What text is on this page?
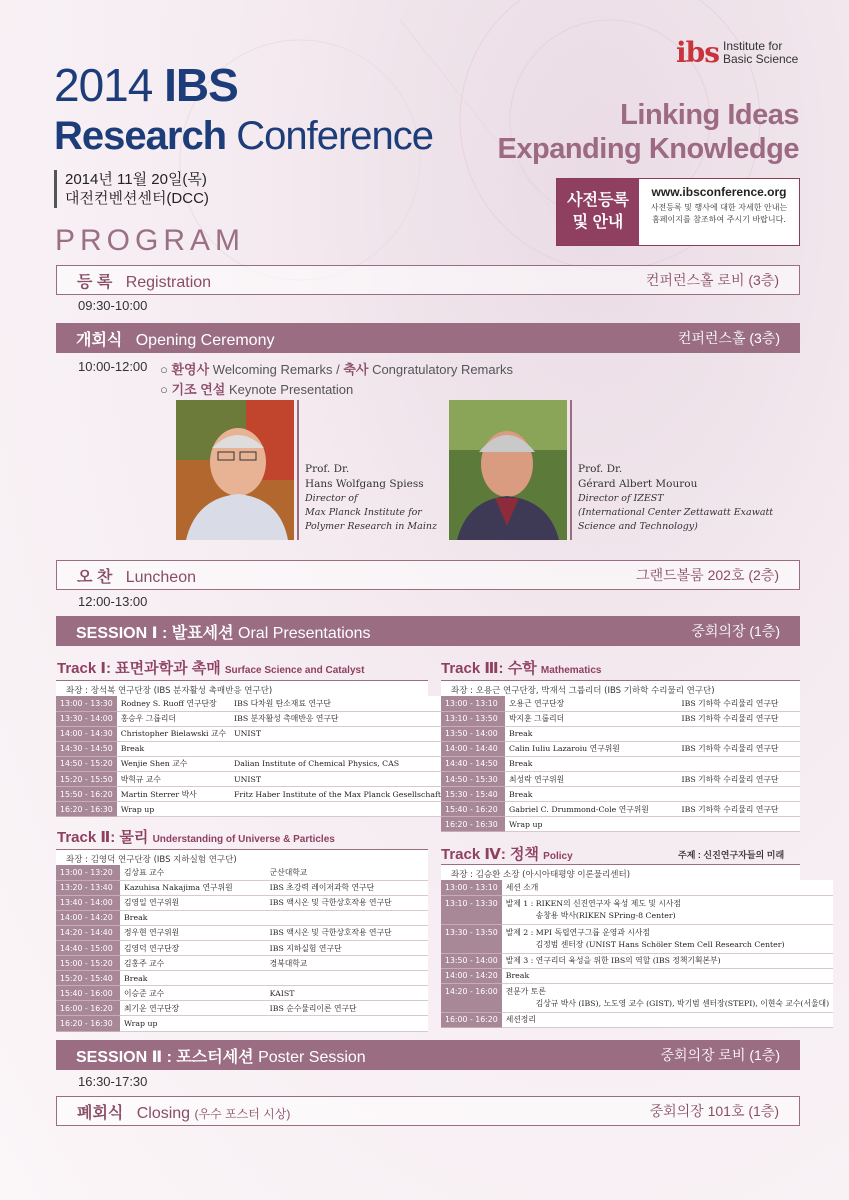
2014 IBS
Research Conference
2014년 11월 20일(목)
대전컨벤션센터(DCC)
PROGRAM
ibs Institute for
Basic Science
Linking Ideas
Expanding Knowledge
사전등록
및 안내
www.ibsconference.org
사전등록 및 행사에 대한 자세한 안내는
홈페이지를 참조하여 주시기 바랍니다.
등 록 Registration	컨퍼런스홀 로비 (3층)
09:30-10:00
개회식 Opening Ceremony	컨퍼런스홀 (3층)
10:00-12:00 ○ 환영사 Welcoming Remarks / 축사 Congratulatory Remarks
○ 기조 연설 Keynote Presentation
Prof. Dr.
Hans Wolfgang Spiess
Director of
Max Planck Institute for
Polymer Research in Mainz
Prof. Dr.
Gérard Albert Mourou
Director of IZEST
(International Center Zettawatt Exawatt
Science and Technology)
오 찬 Luncheon	그랜드볼룸 202호 (2층)
12:00-13:00
SESSION Ⅰ : 발표세션 Oral Presentations	중회의장 (1층)
Track Ⅰ: 표면과학과 촉매 Surface Science and Catalyst
좌장 : 장석복 연구단장 (IBS 분자활성 촉매반응 연구단)
13:00 - 13:30	Rodney S. Ruoff 연구단장	IBS 다차원 탄소재료 연구단
13:30 - 14:00	홍승우 그룹리더	IBS 분자활성 촉매반응 연구단
14:00 - 14:30	Christopher Bielawski 교수	UNIST
14:30 - 14:50	Break	
14:50 - 15:20	Wenjie Shen 교수	Dalian Institute of Chemical Physics, CAS
15:20 - 15:50	박혁규 교수	UNIST
15:50 - 16:20	Martin Sterrer 박사	Fritz Haber Institute of the Max Planck Gesellschaft
16:20 - 16:30	Wrap up	
Track Ⅱ: 물리 Understanding of Universe & Particles
좌장 : 김영덕 연구단장 (IBS 지하실험 연구단)
13:00 - 13:20	김상표 교수	군산대학교
13:20 - 13:40	Kazuhisa Nakajima 연구위원	IBS 초강력 레이저과학 연구단
13:40 - 14:00	김영일 연구위원	IBS 액시온 및 극한상호작용 연구단
14:00 - 14:20	Break	
14:20 - 14:40	정우현 연구위원	IBS 액시온 및 극한상호작용 연구단
14:40 - 15:00	김영덕 연구단장	IBS 지하실험 연구단
15:00 - 15:20	김홍주 교수	경북대학교
15:20 - 15:40	Break	
15:40 - 16:00	이승준 교수	KAIST
16:00 - 16:20	최기운 연구단장	IBS 순수물리이론 연구단
16:20 - 16:30	Wrap up	
Track Ⅲ: 수학 Mathematics
좌장 : 오용근 연구단장, 박재석 그룹리더 (IBS 기하학 수리물리 연구단)
13:00 - 13:10	오용근 연구단장	IBS 기하학 수리물리 연구단
13:10 - 13:50	박지훈 그룹리더	IBS 기하학 수리물리 연구단
13:50 - 14:00	Break	
14:00 - 14:40	Calin Iuliu Lazaroiu 연구위원	IBS 기하학 수리물리 연구단
14:40 - 14:50	Break	
14:50 - 15:30	최성락 연구위원	IBS 기하학 수리물리 연구단
15:30 - 15:40	Break	
15:40 - 16:20	Gabriel C. Drummond-Cole 연구위원	IBS 기하학 수리물리 연구단
16:20 - 16:30	Wrap up	
Track Ⅳ: 정책 Policy	주제 : 신진연구자들의 미래
좌장 : 김승환 소장 (아시아태평양 이론물리센터)
13:00 - 13:10	세션 소개
13:10 - 13:30	발제 1 : RIKEN의 신진연구자 육성 제도 및 시사점
송창용 박사(RIKEN SPring-8 Center)

13:30 - 13:50	발제 2 : MPI 독립연구그룹 운영과 시사점
김정범 센터장 (UNIST Hans Schöler Stem Cell Research Center)

13:50 - 14:00	발제 3 : 연구리더 육성을 위한 IBS의 역할 (IBS 정책기획본부)
14:00 - 14:20	Break
14:20 - 16:00	전문가 토론
김상규 박사 (IBS), 노도영 교수 (GIST), 박기범 센터장(STEPI), 이현숙 교수(서울대)

16:00 - 16:20	세션정리
SESSION Ⅱ : 포스터세션 Poster Session	중회의장 로비 (1층)
16:30-17:30
폐회식 Closing (우수 포스터 시상)	중회의장 101호 (1층)
